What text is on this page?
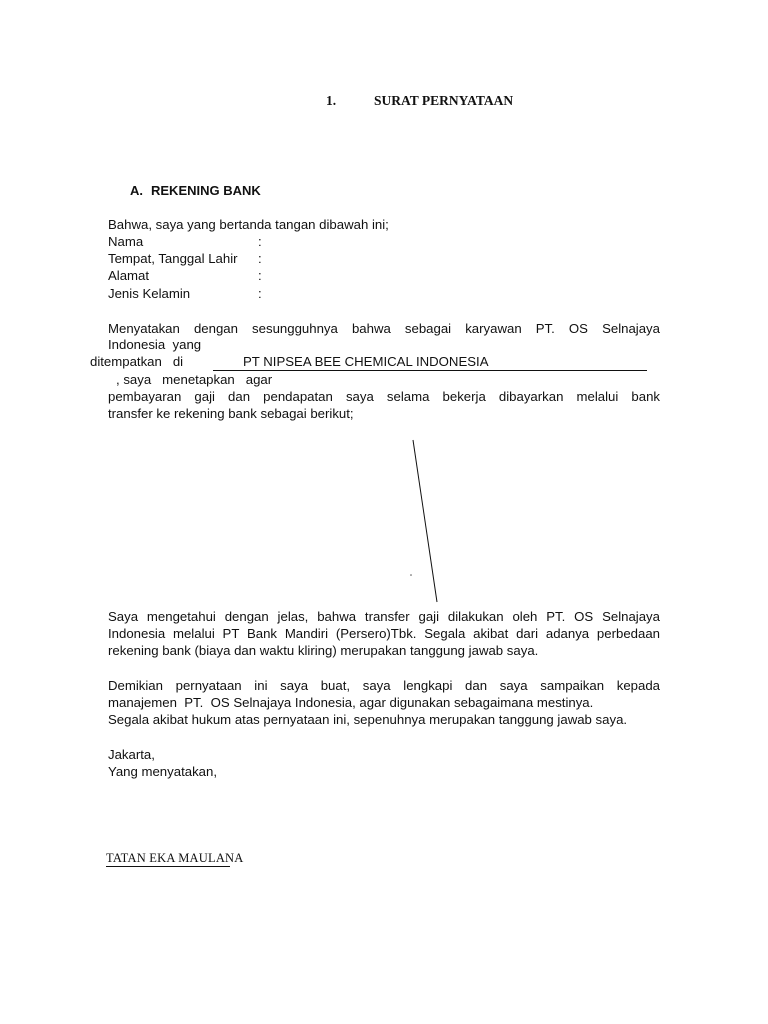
1.	SURAT PERNYATAAN
A. REKENING BANK
Bahwa, saya yang bertanda tangan dibawah ini;
Nama	:
Tempat, Tanggal Lahir :
Alamat	:
Jenis Kelamin	:
Menyatakan dengan sesungguhnya bahwa sebagai karyawan PT. OS Selnajaya
Indonesia  yang
ditempatkan   di	PT NIPSEA BEE CHEMICAL INDONESIA
, saya   menetapkan   agar
pembayaran gaji dan pendapatan saya selama bekerja dibayarkan melalui bank
transfer ke rekening bank sebagai berikut;
Saya mengetahui dengan jelas, bahwa transfer gaji dilakukan oleh PT. OS Selnajaya
Indonesia melalui PT Bank Mandiri (Persero)Tbk. Segala akibat dari adanya perbedaan
rekening bank (biaya dan waktu kliring) merupakan tanggung jawab saya.
Demikian pernyataan ini saya buat, saya lengkapi dan saya sampaikan kepada
manajemen  PT.  OS Selnajaya Indonesia, agar digunakan sebagaimana mestinya.
Segala akibat hukum atas pernyataan ini, sepenuhnya merupakan tanggung jawab saya.
Jakarta,
Yang menyatakan,
TATAN EKA MAULANA
